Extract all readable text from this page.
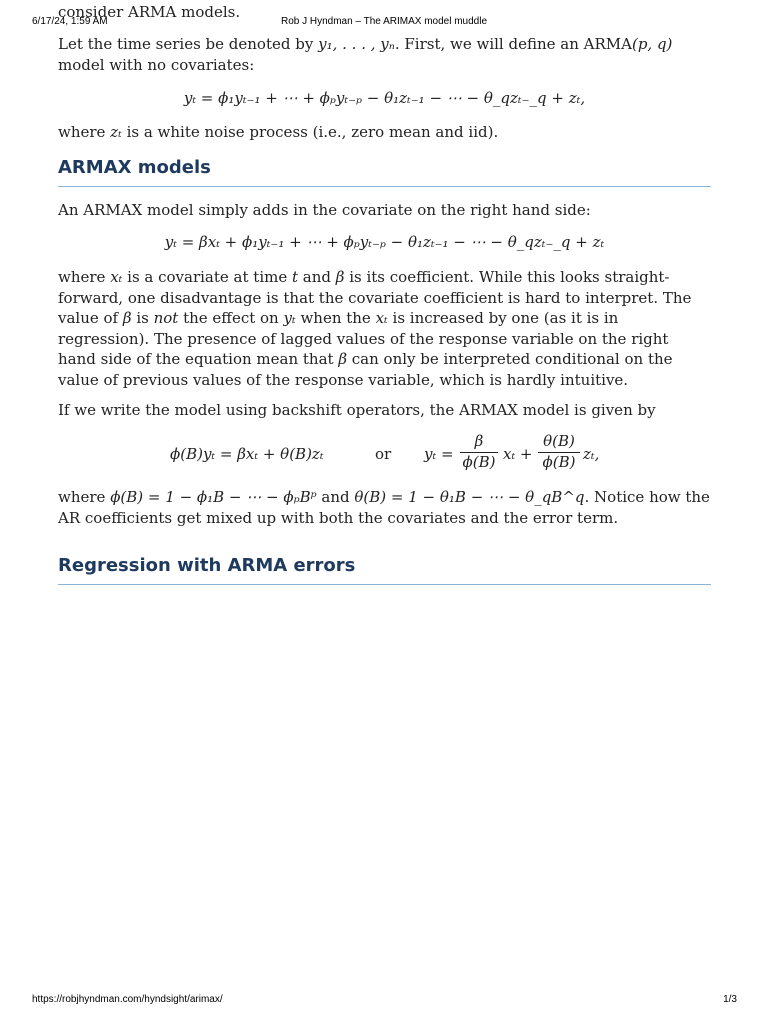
6/17/24, 1:59 AM	Rob J Hyndman – The ARIMAX model muddle

consider ARMA models.

Let the time series be denoted by y₁, . . . , yₙ. First, we will define an ARMA(p, q) model with no covariates:

yₜ = ϕ₁yₜ₋₁ + ⋯ + ϕₚyₜ₋ₚ − θ₁zₜ₋₁ − ⋯ − θ_qzₜ₋_q + zₜ,

where zₜ is a white noise process (i.e., zero mean and iid).

ARMAX models

An ARMAX model simply adds in the covariate on the right hand side:

yₜ = βxₜ + ϕ₁yₜ₋₁ + ⋯ + ϕₚyₜ₋ₚ − θ₁zₜ₋₁ − ⋯ − θ_qzₜ₋_q + zₜ

where xₜ is a covariate at time t and β is its coefficient. While this looks straight-forward, one disadvantage is that the covariate coefficient is hard to interpret. The value of β is not the effect on yₜ when the xₜ is increased by one (as it is in regression). The presence of lagged values of the response variable on the right hand side of the equation mean that β can only be interpreted conditional on the value of previous values of the response variable, which is hardly intuitive.

If we write the model using backshift operators, the ARMAX model is given by

ϕ(B)yₜ = βxₜ + θ(B)zₜ	or $y_t = \frac{\beta}{\phi(B)}$ $x_t + \frac{\theta(B)}{\phi(B)} z_t$,

where ϕ(B) = 1 − ϕ₁B − ⋯ − ϕₚBᵖ and θ(B) = 1 − θ₁B − ⋯ − θ_qB^q. Notice how the AR coefficients get mixed up with both the covariates and the error term.

Regression with ARMA errors
https://robjhyndman.com/hyndsight/arimax/	1/3
